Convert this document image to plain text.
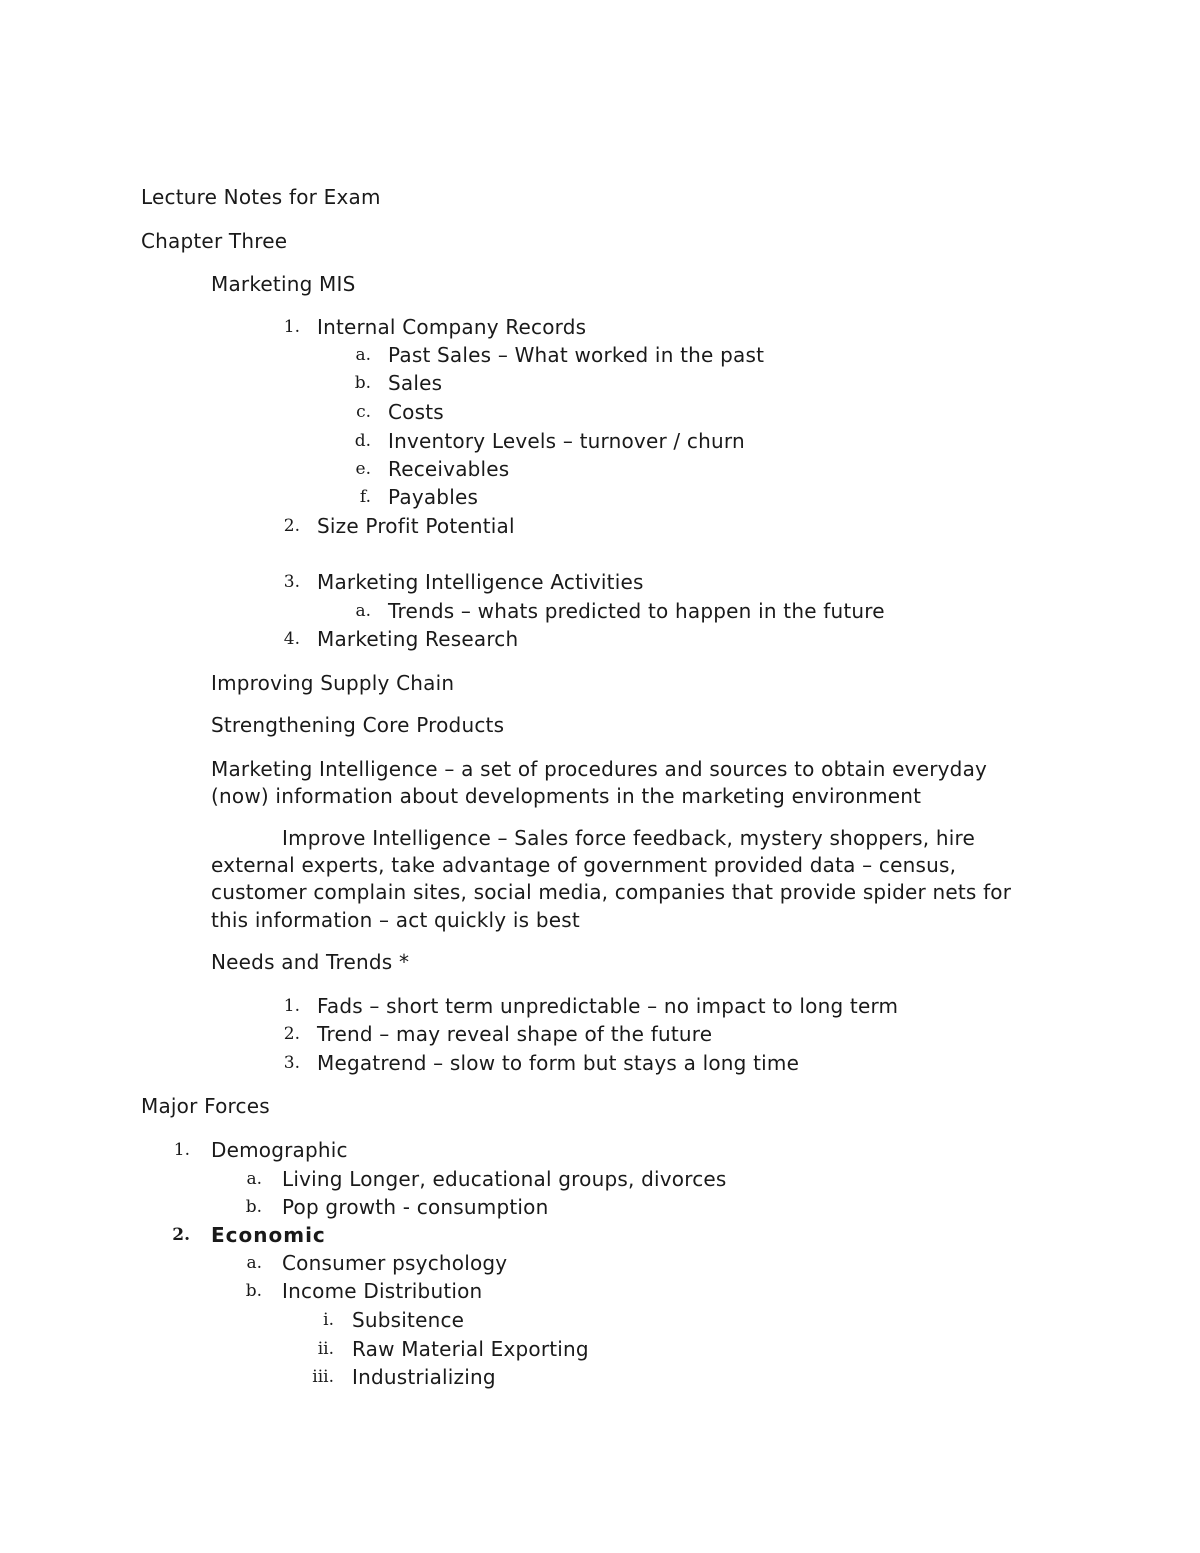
Lecture Notes for Exam
Chapter Three
Marketing MIS
1. Internal Company Records
a. Past Sales – What worked in the past
b. Sales
c. Costs
d. Inventory Levels – turnover / churn
e. Receivables
f. Payables
2. Size Profit Potential
3. Marketing Intelligence Activities
a. Trends – whats predicted to happen in the future
4. Marketing Research
Improving Supply Chain
Strengthening Core Products
Marketing Intelligence – a set of procedures and sources to obtain everyday
(now) information about developments in the marketing environment
Improve Intelligence – Sales force feedback, mystery shoppers, hire
external experts, take advantage of government provided data – census,
customer complain sites, social media, companies that provide spider nets for
this information – act quickly is best
Needs and Trends *
1. Fads – short term unpredictable – no impact to long term
2. Trend – may reveal shape of the future
3. Megatrend – slow to form but stays a long time
Major Forces
1. Demographic
a. Living Longer, educational groups, divorces
b. Pop growth - consumption
2. Economic
a. Consumer psychology
b. Income Distribution
i. Subsitence
ii. Raw Material Exporting
iii. Industrializing
